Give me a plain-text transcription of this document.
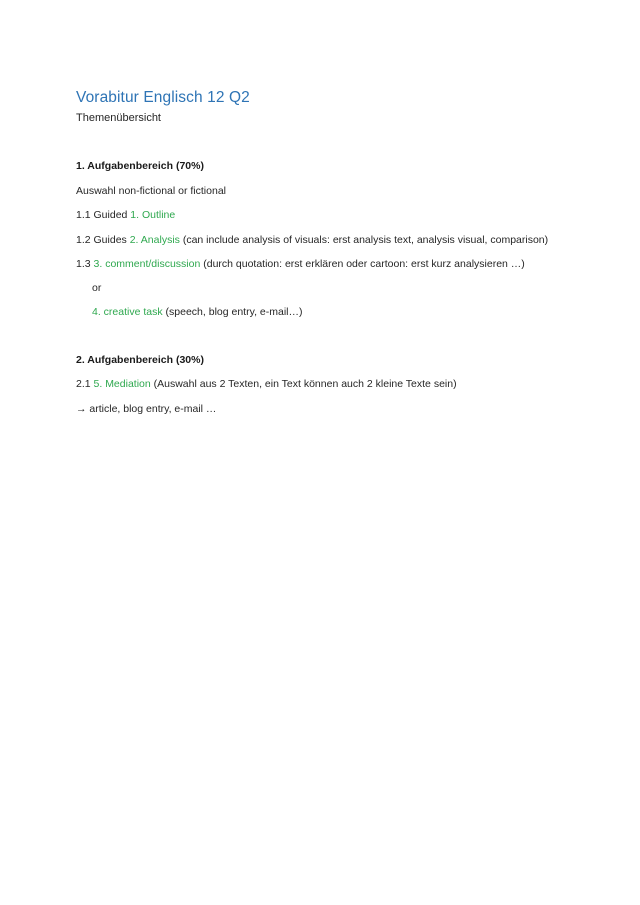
Vorabitur Englisch 12 Q2
Themenübersicht
1. Aufgabenbereich (70%)
Auswahl non-fictional or fictional
1.1 Guided 1. Outline
1.2 Guides 2. Analysis (can include analysis of visuals: erst analysis text, analysis visual, comparison)
1.3 3. comment/discussion (durch quotation: erst erklären oder cartoon: erst kurz analysieren …)
or
4. creative task (speech, blog entry, e-mail…)
2. Aufgabenbereich (30%)
2.1 5. Mediation (Auswahl aus 2 Texten, ein Text können auch 2 kleine Texte sein)
→ article, blog entry, e-mail …
